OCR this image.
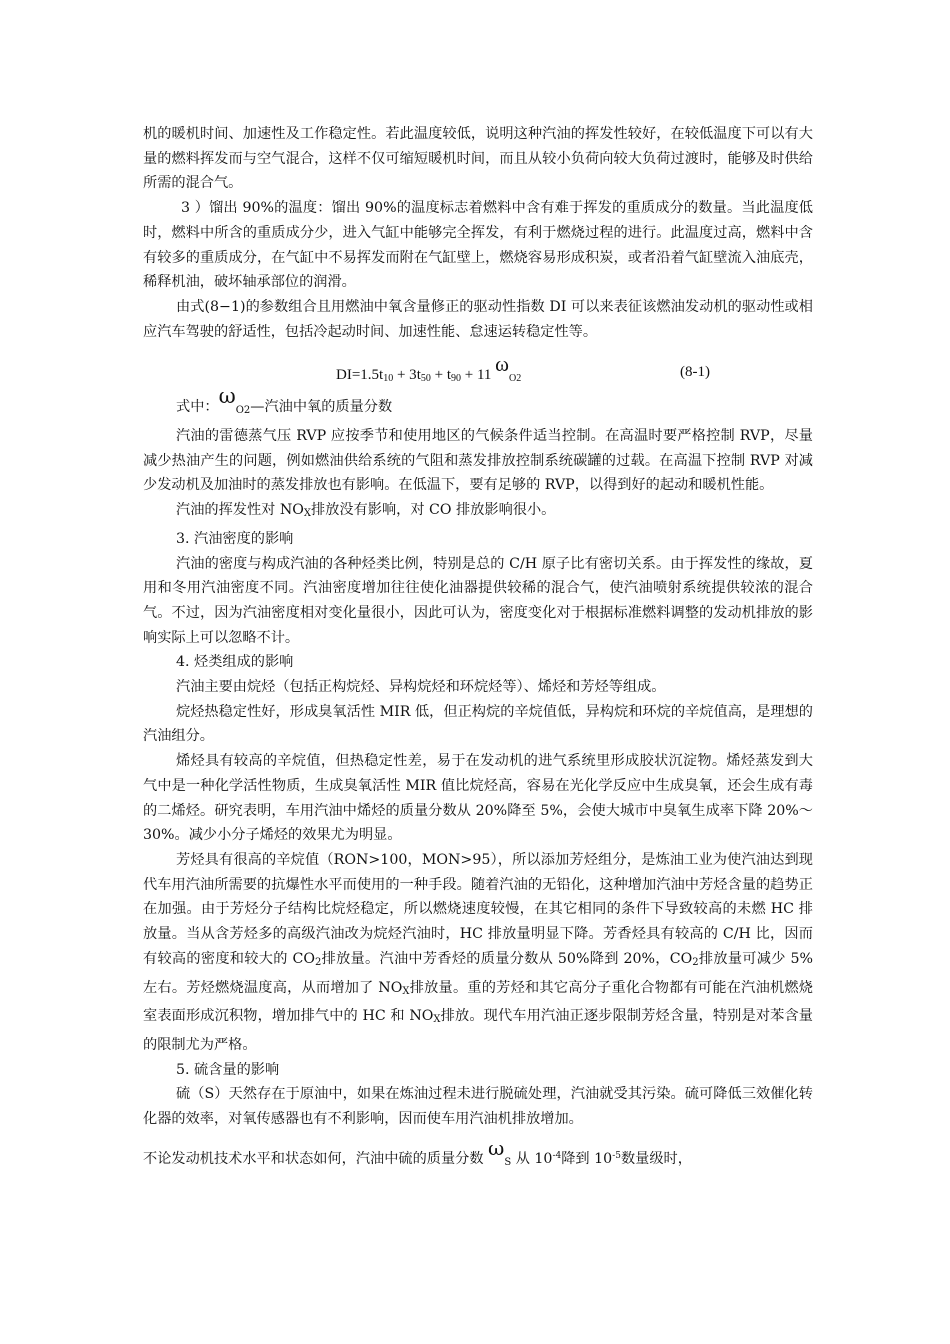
机的暖机时间、加速性及工作稳定性。若此温度较低，说明这种汽油的挥发性较好，在较低温度下可以有大量的燃料挥发而与空气混合，这样不仅可缩短暖机时间，而且从较小负荷向较大负荷过渡时，能够及时供给所需的混合气。

3 ）馏出 90%的温度：馏出 90%的温度标志着燃料中含有难于挥发的重质成分的数量。当此温度低时，燃料中所含的重质成分少，进入气缸中能够完全挥发，有利于燃烧过程的进行。此温度过高，燃料中含有较多的重质成分，在气缸中不易挥发而附在气缸壁上，燃烧容易形成积炭，或者沿着气缸壁流入油底壳，稀释机油，破坏轴承部位的润滑。

由式(8−1)的参数组合且用燃油中氧含量修正的驱动性指数 DI 可以来表征该燃油发动机的驱动性或相应汽车驾驶的舒适性，包括冷起动时间、加速性能、怠速运转稳定性等。

$DI=1.5t_{10} + 3t_{50} + t_{90} + 11$ $\omega_{O2}$	(8-1)

式中：$\omega_{O2}—$汽油中氧的质量分数

汽油的雷德蒸气压 RVP 应按季节和使用地区的气候条件适当控制。在高温时要严格控制 RVP，尽量减少热油产生的问题，例如燃油供给系统的气阻和蒸发排放控制系统碳罐的过载。在高温下控制 RVP 对减少发动机及加油时的蒸发排放也有影响。在低温下，要有足够的 RVP，以得到好的起动和暖机性能。

汽油的挥发性对 $NO_X$排放没有影响，对 CO 排放影响很小。

3. 汽油密度的影响

汽油的密度与构成汽油的各种烃类比例，特别是总的 C/H 原子比有密切关系。由于挥发性的缘故，夏用和冬用汽油密度不同。汽油密度增加往往使化油器提供较稀的混合气，使汽油喷射系统提供较浓的混合气。不过，因为汽油密度相对变化量很小，因此可认为，密度变化对于根据标准燃料调整的发动机排放的影响实际上可以忽略不计。

4. 烃类组成的影响

汽油主要由烷烃（包括正构烷烃、异构烷烃和环烷烃等）、烯烃和芳烃等组成。

烷烃热稳定性好，形成臭氧活性 MIR 低，但正构烷的辛烷值低，异构烷和环烷的辛烷值高，是理想的汽油组分。

烯烃具有较高的辛烷值，但热稳定性差，易于在发动机的进气系统里形成胶状沉淀物。烯烃蒸发到大气中是一种化学活性物质，生成臭氧活性 MIR 值比烷烃高，容易在光化学反应中生成臭氧，还会生成有毒的二烯烃。研究表明，车用汽油中烯烃的质量分数从 20%降至 5%，会使大城市中臭氧生成率下降 20%～30%。减少小分子烯烃的效果尤为明显。

芳烃具有很高的辛烷值（RON>100，MON>95），所以添加芳烃组分，是炼油工业为使汽油达到现代车用汽油所需要的抗爆性水平而使用的一种手段。随着汽油的无铅化，这种增加汽油中芳烃含量的趋势正在加强。由于芳烃分子结构比烷烃稳定，所以燃烧速度较慢，在其它相同的条件下导致较高的未燃 HC 排放量。当从含芳烃多的高级汽油改为烷烃汽油时，HC 排放量明显下降。芳香烃具有较高的 C/H 比，因而有较高的密度和较大的 $CO_2$排放量。汽油中芳香烃的质量分数从 50%降到 20%，$CO_2$排放量可减少 5%左右。芳烃燃烧温度高，从而增加了 $NO_X$排放量。重的芳烃和其它高分子重化合物都有可能在汽油机燃烧室表面形成沉积物，增加排气中的 HC 和 $NO_X$排放。现代车用汽油正逐步限制芳烃含量，特别是对苯含量的限制尤为严格。

5. 硫含量的影响

硫（S）天然存在于原油中，如果在炼油过程未进行脱硫处理，汽油就受其污染。硫可降低三效催化转化器的效率，对氧传感器也有不利影响，因而使车用汽油机排放增加。

不论发动机技术水平和状态如何，汽油中硫的质量分数 $\omega_S$ 从 $10^{-4}$降到 $10^{-5}$数量级时，
